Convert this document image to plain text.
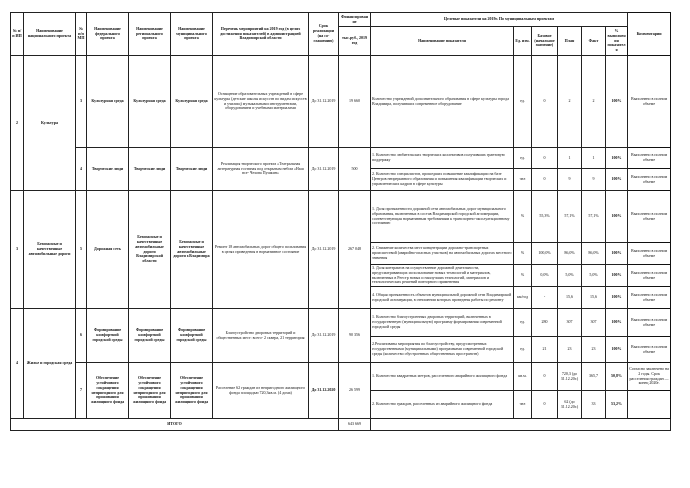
№ п/п ИП	Наименование национального проекта	№ п/п МП	Наименование федерального проекта	Наименование регионального проекта	Наименование муниципального проекта	Перечень мероприятий на 2019 год (в целях достижения показателей) в администрацией Владимирской области	Срок реализации (на со-глашению)	Финансирование	Целевые показатели на 2019г. По муниципальным проектам						Комментарии
								тыс.руб., 2019 год	Наименование показателя	Ед. изм.	Базовое (начальное значение)	План	Факт	% выполнения показателя	
2	Культура	3	Культурная среда	Культурная среда	Культурная среда	Оснащение образовательных учреждений в сфере культуры (детские школы искусств по видам искусств и училищ) музыкальными инструментами, оборудованием и учебными материалами	До 31.12.2019	19 660	Количество учреждений дополнительного образования в сфере культуры города Владимира, получивших современное оборудование	ед.	0	2	2	100%	Выполнено в полном объеме
		4	Творческие люди	Творческие люди	Творческие люди	Реализация творческого проекта «Театральная литературная гостиная под открытым небом «Наш все- Чехова Пушкин»	До 31.12.2019	500	1. Количество любительских творческих коллективов получивших грантовую поддержку	ед.	0	1	1	100%	Выполнено в полном объеме
									2. Количество специалистов, прошедших повышение квалификации на базе Центров непрерывного образования и повышения квалификации творческих и управленческих кадров в сфере культуры	чел	0	9	9	100%	Выполнено в полном объеме
3	Безопасные и качественные автомобильные дороги	5	Дорожная сеть	Безопасные и качественные автомобильные дороги Владимирской области	Безопасные и качественные автомобильные дороги г.Владимира	Ремонт 18 автомобильных дорог общего пользования в целях приведения в нормативное состояние	До 31.12.2019	267 048	1. Доля протяженности дорожной сети автомобильных дорог муниципального образования, включенных в состав Владимирской городской агломерации, соответствующая нормативным требованиям к транспортно-эксплуатационному состоянию	%	55,3%	57,1%	57,1%	100%	Выполнено в полном объеме
									2. Снижение количества мест концентрации дорожно-транспортных происшествий (аварийно-опасных участков) на автомобильных дорогах местного значения	%	100,0%	86,0%	86,0%	100%	Выполнено в полном объеме
									3. Доля контрактов на осуществление дорожной деятельности, предусматривающих использование новых технологий и материалов, включенных в Реестр новых и наилучших технологий, материалов и технологических решений повторного применения	%	0,0%	5,0%	5,0%	100%	Выполнено в полном объеме
									4. Общая протяженность объектов муниципальной дорожной сети Владимирской городской агломерации, в отношении которых проведены работы по ремонту	км/год	-	15,6	15,6	100%	Выполнено в полном объеме
4	Жилье и городская среда	6	Формирование комфортной городской среды	Формирование комфортной городской среды	Формирование комфортной городской среды	Благоустройство дворовых территорий и общественных мест: всего- 2 сквера, 21 территория	До 31.12.2019	90 356	1. Количество благоустроенных дворовых территорий, включенных в государственную (муниципальную) программу формирования современной городской среды	ед.	280	307	307	100%	Выполнено в полном объеме
									2.Реализованы мероприятия по благоустройству, предусмотренных государственными (муниципальными) программами современной городской среды (количество обустроенных общественных пространств)	ед.	21	23	23	100%	Выполнено в полном объеме
		7	Обеспечение устойчивого сокращения непригодного для проживания жилищного фонда	Обеспечение устойчивого сокращения непригодного для проживания жилищного фонда	Обеспечение устойчивого сокращения непригодного для проживания жилищного фонда	Расселение 62 граждан из непригодного жилищного фонда площадью 720,3кв.м. (4 дома)	До 31.12.2020	26 599	1. Количество квадратных метров, расселенного аварийного жилищного фонда	кв.м.	0	720,3 (до 31.12.20г.)	365,7	50,8%	Согласно заключено на 2 годы. Срок расселения граждан — конец 2020г.
									2. Количество граждан, расселенных из аварийного жилищного фонда	чел	0	62 (до 31.12.20г.)	33	53,2%	
ИТОГО								643 669							
